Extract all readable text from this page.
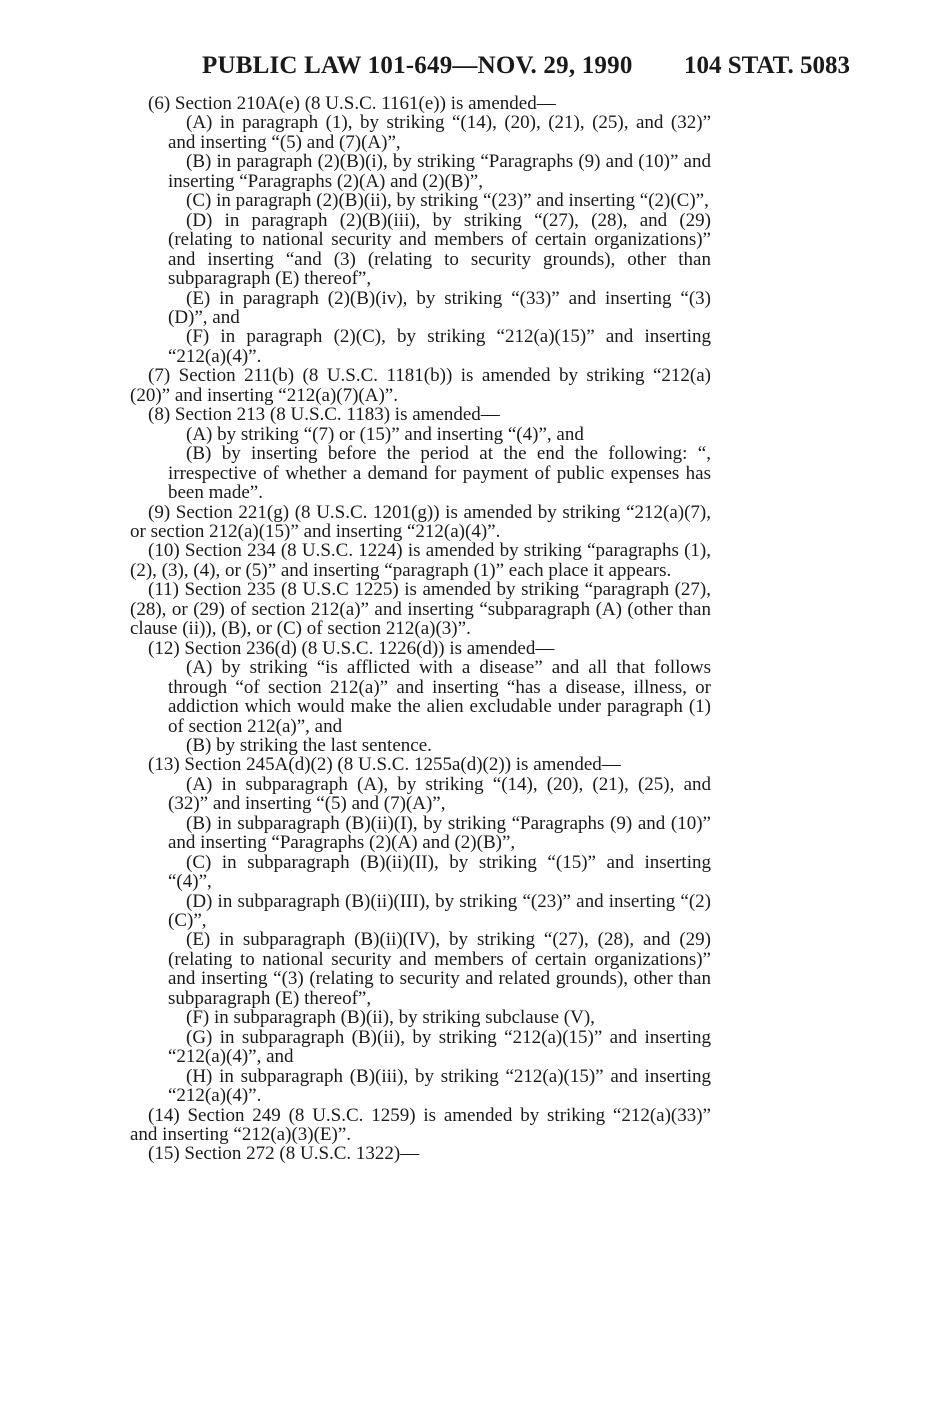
PUBLIC LAW 101-649—NOV. 29, 1990 104 STAT. 5083

(6) Section 210A(e) (8 U.S.C. 1161(e)) is amended—

(A) in paragraph (1), by striking “(14), (20), (21), (25), and (32)” and inserting “(5) and (7)(A)”,

(B) in paragraph (2)(B)(i), by striking “Paragraphs (9) and (10)” and inserting “Paragraphs (2)(A) and (2)(B)”,

(C) in paragraph (2)(B)(ii), by striking “(23)” and inserting “(2)(C)”,

(D) in paragraph (2)(B)(iii), by striking “(27), (28), and (29) (relating to national security and members of certain organizations)” and inserting “and (3) (relating to security grounds), other than subparagraph (E) thereof”,

(E) in paragraph (2)(B)(iv), by striking “(33)” and inserting “(3)(D)”, and

(F) in paragraph (2)(C), by striking “212(a)(15)” and inserting “212(a)(4)”.

(7) Section 211(b) (8 U.S.C. 1181(b)) is amended by striking “212(a)(20)” and inserting “212(a)(7)(A)”.

(8) Section 213 (8 U.S.C. 1183) is amended—

(A) by striking “(7) or (15)” and inserting “(4)”, and

(B) by inserting before the period at the end the following: “, irrespective of whether a demand for payment of public expenses has been made”.

(9) Section 221(g) (8 U.S.C. 1201(g)) is amended by striking “212(a)(7), or section 212(a)(15)” and inserting “212(a)(4)”.

(10) Section 234 (8 U.S.C. 1224) is amended by striking “paragraphs (1), (2), (3), (4), or (5)” and inserting “paragraph (1)” each place it appears.

(11) Section 235 (8 U.S.C 1225) is amended by striking “paragraph (27), (28), or (29) of section 212(a)” and inserting “subparagraph (A) (other than clause (ii)), (B), or (C) of section 212(a)(3)”.

(12) Section 236(d) (8 U.S.C. 1226(d)) is amended—

(A) by striking “is afflicted with a disease” and all that follows through “of section 212(a)” and inserting “has a disease, illness, or addiction which would make the alien excludable under paragraph (1) of section 212(a)”, and

(B) by striking the last sentence.

(13) Section 245A(d)(2) (8 U.S.C. 1255a(d)(2)) is amended—

(A) in subparagraph (A), by striking “(14), (20), (21), (25), and (32)” and inserting “(5) and (7)(A)”,

(B) in subparagraph (B)(ii)(I), by striking “Paragraphs (9) and (10)” and inserting “Paragraphs (2)(A) and (2)(B)”,

(C) in subparagraph (B)(ii)(II), by striking “(15)” and inserting “(4)”,

(D) in subparagraph (B)(ii)(III), by striking “(23)” and inserting “(2)(C)”,

(E) in subparagraph (B)(ii)(IV), by striking “(27), (28), and (29) (relating to national security and members of certain organizations)” and inserting “(3) (relating to security and related grounds), other than subparagraph (E) thereof”,

(F) in subparagraph (B)(ii), by striking subclause (V),

(G) in subparagraph (B)(ii), by striking “212(a)(15)” and inserting “212(a)(4)”, and

(H) in subparagraph (B)(iii), by striking “212(a)(15)” and inserting “212(a)(4)”.

(14) Section 249 (8 U.S.C. 1259) is amended by striking “212(a)(33)” and inserting “212(a)(3)(E)”.

(15) Section 272 (8 U.S.C. 1322)—
